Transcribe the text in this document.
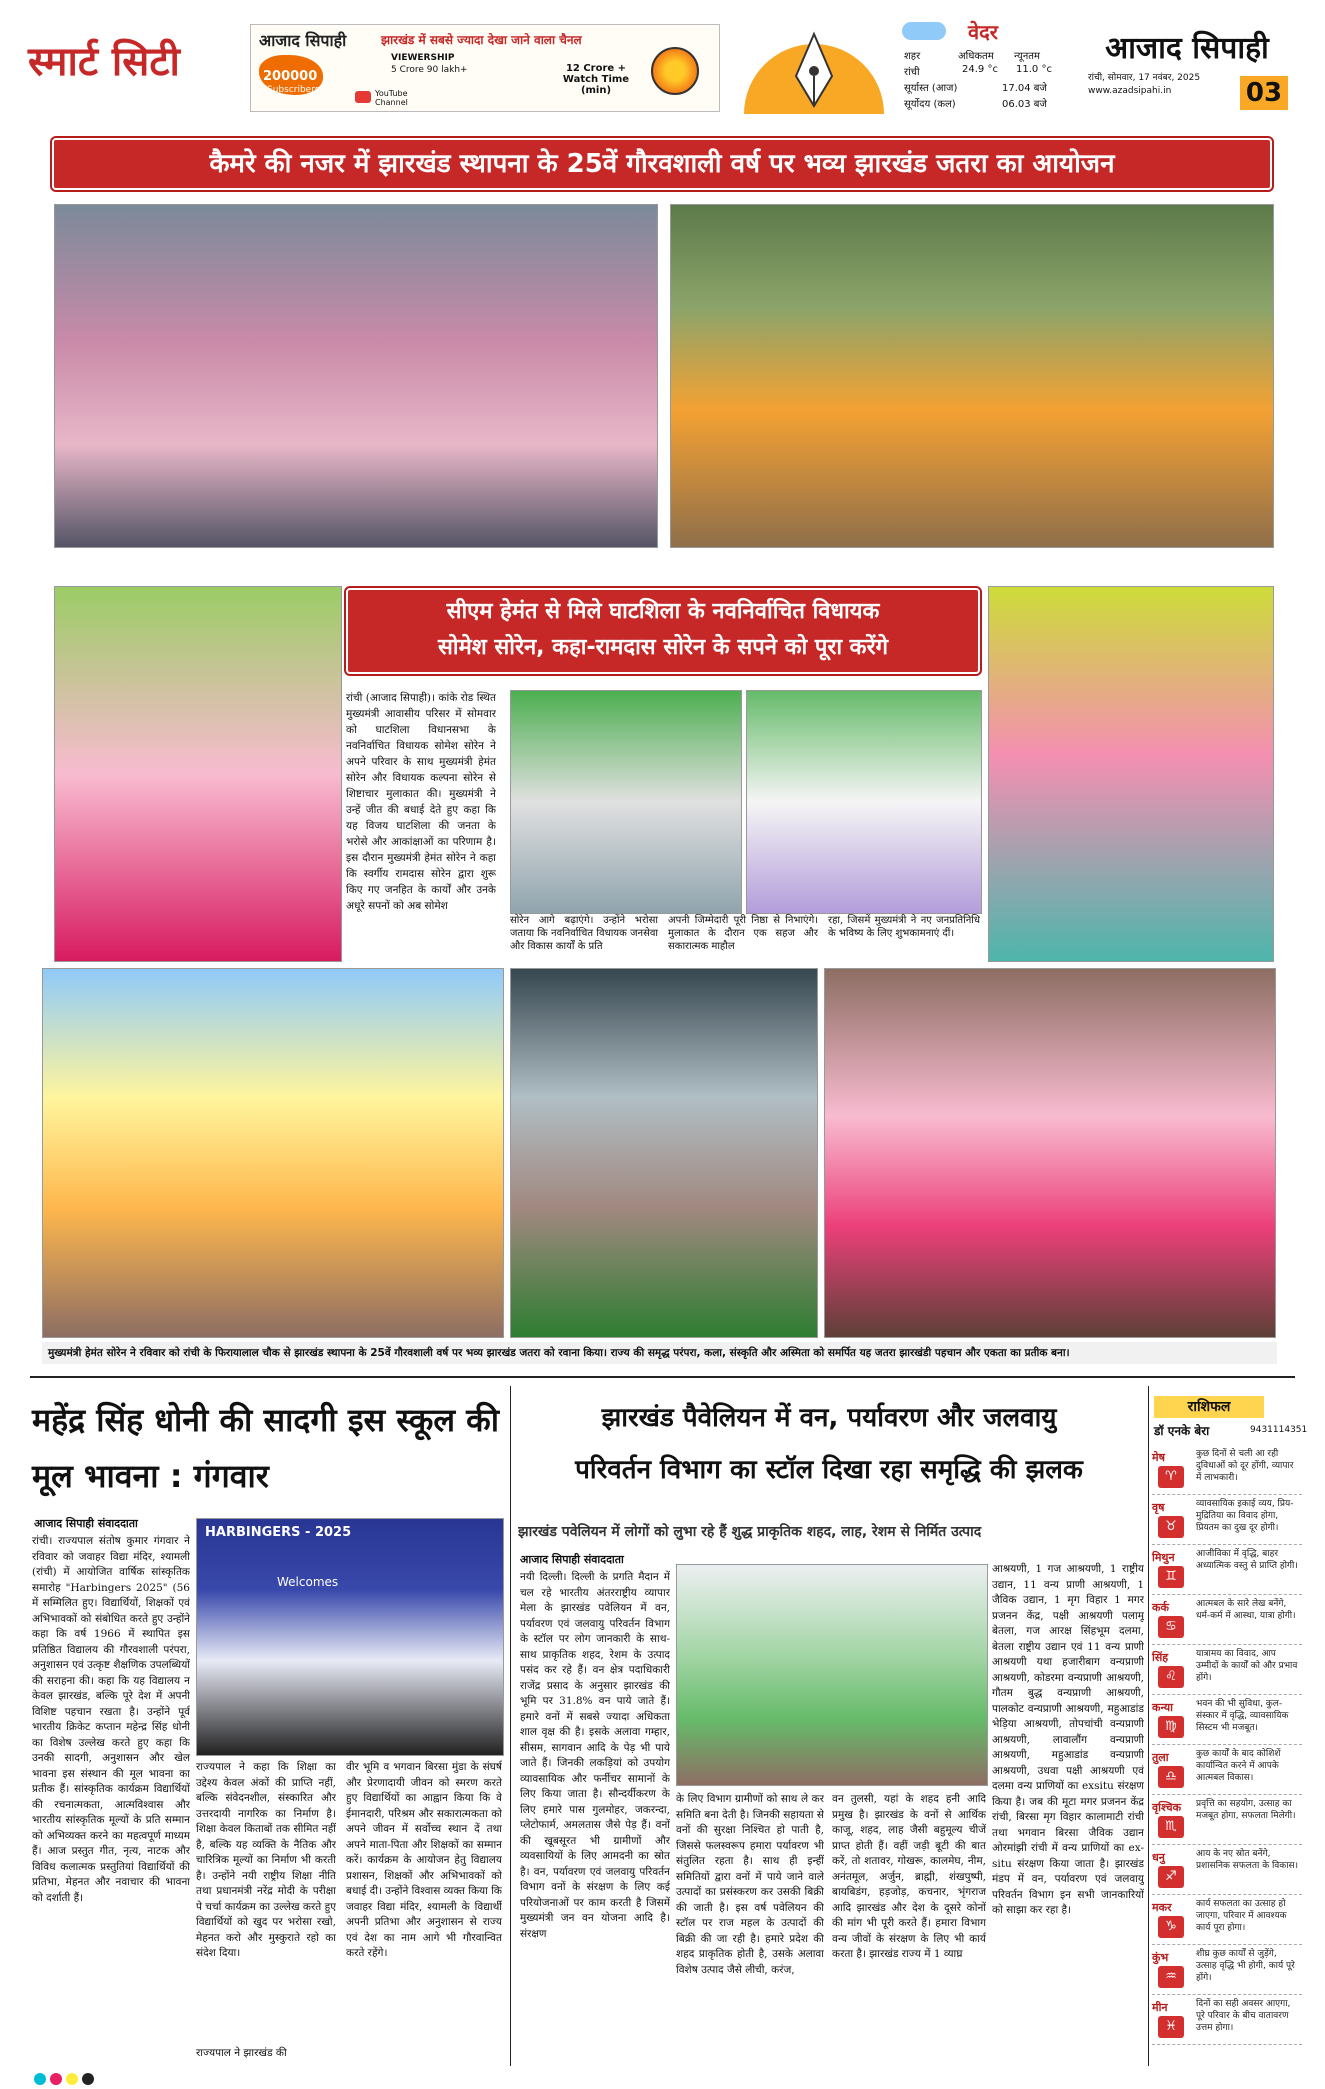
स्मार्ट सिटी	आजाद सिपाही	झारखंड में सबसे ज्यादा देखा जाने वाला चैनल
200000
Subscribers
VIEWERSHIP
5 Crore 90 lakh+
YouTube Channel
12 Crore + Watch Time (min)
वेदर
शहर	अधिकतम न्यूनतम
रांची	24.9 °c 11.0 °c
सूर्यास्त (आज)	17.04 बजे
सूर्योदय (कल)	06.03 बजे
आजाद सिपाही
रांची, सोमवार, 17 नवंबर, 2025
www.azadsipahi.in	03
कैमरे की नजर में झारखंड स्थापना के 25वें गौरवशाली वर्ष पर भव्य झारखंड जतरा का आयोजन
सीएम हेमंत से मिले घाटशिला के नवनिर्वाचित विधायक
सोमेश सोरेन, कहा-रामदास सोरेन के सपने को पूरा करेंगे
रांची (आजाद सिपाही)। कांके रोड स्थित मुख्यमंत्री आवासीय परिसर में सोमवार को घाटशिला विधानसभा के नवनिर्वाचित विधायक सोमेश सोरेन ने अपने परिवार के साथ मुख्यमंत्री हेमंत सोरेन और विधायक कल्पना सोरेन से शिष्टाचार मुलाकात की। मुख्यमंत्री ने उन्हें जीत की बधाई देते हुए कहा कि यह विजय घाटशिला की जनता के भरोसे और आकांक्षाओं का परिणाम है। इस दौरान मुख्यमंत्री हेमंत सोरेन ने कहा कि स्वर्गीय रामदास सोरेन द्वारा शुरू किए गए जनहित के कार्यों और उनके अधूरे सपनों को अब सोमेश
सोरेन आगे बढ़ाएंगे। उन्होंने भरोसा जताया कि नवनिर्वाचित विधायक जनसेवा और विकास कार्यों के प्रति
अपनी जिम्मेदारी पूरी निष्ठा से निभाएंगे। मुलाकात के दौरान एक सहज और सकारात्मक माहौल
रहा, जिसमें मुख्यमंत्री ने नए जनप्रतिनिधि के भविष्य के लिए शुभकामनाएं दीं।
मुख्यमंत्री हेमंत सोरेन ने रविवार को रांची के फिरायालाल चौक से झारखंड स्थापना के 25वें गौरवशाली वर्ष पर भव्य झारखंड जतरा को रवाना किया। राज्य की समृद्ध परंपरा, कला, संस्कृति और अस्मिता को समर्पित यह जतरा झारखंडी पहचान और एकता का प्रतीक बना।
महेंद्र सिंह धोनी की सादगी इस स्कूल की मूल भावना : गंगवार
आजाद सिपाही संवाददाता
रांची। राज्यपाल संतोष कुमार गंगवार ने रविवार को जवाहर विद्या मंदिर, श्यामली (रांची) में आयोजित वार्षिक सांस्कृतिक समारोह "Harbingers 2025" (56 में सम्मिलित हुए। विद्यार्थियों, शिक्षकों एवं अभिभावकों को संबोधित करते हुए उन्होंने कहा कि वर्ष 1966 में स्थापित इस प्रतिष्ठित विद्यालय की गौरवशाली परंपरा, अनुशासन एवं उत्कृष्ट शैक्षणिक उपलब्धियों की सराहना की। कहा कि यह विद्यालय न केवल झारखंड, बल्कि पूरे देश में अपनी विशिष्ट पहचान रखता है। उन्होंने पूर्व भारतीय क्रिकेट कप्तान महेन्द्र सिंह धोनी का विशेष उल्लेख करते हुए कहा कि उनकी सादगी, अनुशासन और खेल भावना इस संस्थान की मूल भावना का प्रतीक हैं। सांस्कृतिक कार्यक्रम विद्यार्थियों की रचनात्मकता, आत्मविश्वास और भारतीय सांस्कृतिक मूल्यों के प्रति सम्मान को अभिव्यक्त करने का महत्वपूर्ण माध्यम हैं। आज प्रस्तुत गीत, नृत्य, नाटक और विविध कलात्मक प्रस्तुतियां विद्यार्थियों की प्रतिभा, मेहनत और नवाचार की भावना को दर्शाती हैं।
HARBINGERS - 2025
Welcomes
राज्यपाल ने कहा कि शिक्षा का उद्देश्य केवल अंकों की प्राप्ति नहीं, बल्कि संवेदनशील, संस्कारित और उत्तरदायी नागरिक का निर्माण है। शिक्षा केवल किताबों तक सीमित नहीं है, बल्कि यह व्यक्ति के नैतिक और चारित्रिक मूल्यों का निर्माण भी करती है। उन्होंने नयी राष्ट्रीय शिक्षा नीति तथा प्रधानमंत्री नरेंद्र मोदी के परीक्षा पे चर्चा कार्यक्रम का उल्लेख करते हुए विद्यार्थियों को खुद पर भरोसा रखो, मेहनत करो और मुस्कुराते रहो का संदेश दिया।
राज्यपाल ने झारखंड की
वीर भूमि व भगवान बिरसा मुंडा के संघर्ष और प्रेरणादायी जीवन को स्मरण करते हुए विद्यार्थियों का आह्वान किया कि वे ईमानदारी, परिश्रम और सकारात्मकता को अपने जीवन में सर्वोच्च स्थान दें तथा अपने माता-पिता और शिक्षकों का सम्मान करें। कार्यक्रम के आयोजन हेतु विद्यालय प्रशासन, शिक्षकों और अभिभावकों को बधाई दी। उन्होंने विश्वास व्यक्त किया कि जवाहर विद्या मंदिर, श्यामली के विद्यार्थी अपनी प्रतिभा और अनुशासन से राज्य एवं देश का नाम आगे भी गौरवान्वित करते रहेंगे।
झारखंड पैवेलियन में वन, पर्यावरण और जलवायु
परिवर्तन विभाग का स्टॉल दिखा रहा समृद्धि की झलक
झारखंड पवेलियन में लोगों को लुभा रहे हैं शुद्ध प्राकृतिक शहद, लाह, रेशम से निर्मित उत्पाद
आजाद सिपाही संवाददाता
नयी दिल्ली। दिल्ली के प्रगति मैदान में चल रहे भारतीय अंतरराष्ट्रीय व्यापार मेला के झारखंड पवेलियन में वन, पर्यावरण एवं जलवायु परिवर्तन विभाग के स्टॉल पर लोग जानकारी के साथ-साथ प्राकृतिक शहद, रेशम के उत्पाद पसंद कर रहे हैं। वन क्षेत्र पदाधिकारी राजेंद्र प्रसाद के अनुसार झारखंड की भूमि पर 31.8% वन पाये जाते हैं। हमारे वनों में सबसे ज्यादा अधिकता शाल वृक्ष की है। इसके अलावा गम्हार, सीसम, सागवान आदि के पेड़ भी पाये जाते हैं। जिनकी लकड़ियां को उपयोग व्यावसायिक और फर्नीचर सामानों के लिए किया जाता है। सौन्दर्यीकरण के लिए हमारे पास गुलमोहर, जकरन्दा, प्लेटोफार्म, अमलतास जैसे पेड़ हैं। वनों की खूबसूरत भी ग्रामीणों और व्यवसायियों के लिए आमदनी का स्रोत है। वन, पर्यावरण एवं जलवायु परिवर्तन विभाग वनों के संरक्षण के लिए कई परियोजनाओं पर काम करती है जिसमें मुख्यमंत्री जन वन योजना आदि है। संरक्षण
के लिए विभाग ग्रामीणों को साथ ले कर समिति बना देती है। जिनकी सहायता से वनों की सुरक्षा निश्चित हो पाती है, जिससे फलस्वरूप हमारा पर्यावरण भी संतुलित रहता है। साथ ही इन्हीं समितियों द्वारा वनों में पाये जाने वाले उत्पादों का प्रसंस्करण कर उसकी बिक्री की जाती है। इस वर्ष पवेलियन की स्टॉल पर राज महल के उत्पादों की बिक्री की जा रही है। हमारे प्रदेश की शहद प्राकृतिक होती है, उसके अलावा विशेष उत्पाद जैसे लीची, करंज,
वन तुलसी, यहां के शहद हनी आदि प्रमुख है। झारखंड के वनों से आर्थिक काजू, शहद, लाह जैसी बहुमूल्य चीजें प्राप्त होती हैं। वहीं जड़ी बूटी की बात करें, तो शतावर, गोखरू, कालमेघ, नीम, अनंतमूल, अर्जुन, ब्राह्मी, शंखपुष्पी, बायबिडंग, हड़जोड़, कचनार, भृंगराज आदि झारखंड और देश के दूसरे कोनों की मांग भी पूरी करते हैं। हमारा विभाग वन्य जीवों के संरक्षण के लिए भी कार्य करता है। झारखंड राज्य में 1 व्याघ्र
आश्रयणी, 1 गज आश्रयणी, 1 राष्ट्रीय उद्यान, 11 वन्य प्राणी आश्रयणी, 1 जैविक उद्यान, 1 मृग विहार 1 मगर प्रजनन केंद्र, पक्षी आश्रयणी पलामू बेतला, गज आरक्ष सिंहभूम दलमा, बेतला राष्ट्रीय उद्यान एवं 11 वन्य प्राणी आश्रयणी यथा हजारीबाग वन्यप्राणी आश्रयणी, कोडरमा वन्यप्राणी आश्रयणी, गौतम बुद्ध वन्यप्राणी आश्रयणी, पालकोट वन्यप्राणी आश्रयणी, महुआडांड भेड़िया आश्रयणी, तोपचांची वन्यप्राणी आश्रयणी, लावालौंग वन्यप्राणी आश्रयणी, महुआडांड वन्यप्राणी आश्रयणी, उधवा पक्षी आश्रयणी एवं दलमा वन्य प्राणियों का exsitu संरक्षण किया है। जब की मूटा मगर प्रजनन केंद्र रांची, बिरसा मृग विहार कालामाटी रांची तथा भगवान बिरसा जैविक उद्यान ओरमांझी रांची में वन्य प्राणियों का ex-situ संरक्षण किया जाता है। झारखंड मंडप में वन, पर्यावरण एवं जलवायु परिवर्तन विभाग इन सभी जानकारियों को साझा कर रहा है।
राशिफल
डॉ एनके बेरा	9431114351
मेष
♈
कुछ दिनों से चली आ रही दुविधाओं को दूर होंगी, व्यापार में लाभकारी।
वृष
♉
व्यावसायिक इकाई व्यय, प्रिय-मुद्रितिया का विवाद होगा, प्रियतम का दुख दूर होगी।
मिथुन
♊
आजीविका में वृद्धि, बाहर अध्यात्मिक वस्तु से प्राप्ति होगी।
कर्क
♋
आत्मबल के सारे लेख बनेंगे, धर्म-कर्म में आस्था, यात्रा होगी।
सिंह
♌
यात्रामय का विवाद, आप उम्मीदों के कार्यों को और प्रभाव होंगे।
कन्या
♍
भवन की भी सुविधा, कुल-संस्कार में वृद्धि, व्यावसायिक सिस्टम भी मजबूत।
तुला
♎
कुछ कार्यों के बाद कोशिशें कार्यान्वित करने में आपके आत्मबल विकास।
वृश्चिक
♏
प्रवृत्ति का सहयोग, उत्साह का मजबूत होगा, सफलता मिलेगी।
धनु
♐
आय के नए स्रोत बनेंगे, प्रशासनिक सफलता के विकास।
मकर
♑
कार्य सफलता का उत्साह हो जाएगा, परिवार में आवश्यक कार्य पूरा होगा।
कुंभ
♒
शीघ्र कुछ कार्यों से जुड़ेंगे, उत्साह वृद्धि भी होगी, कार्य पूरे होंगे।
मीन
♓
दिनों का सही अवसर आएगा, पूरे परिवार के बीच वातावरण उत्तम होगा।
